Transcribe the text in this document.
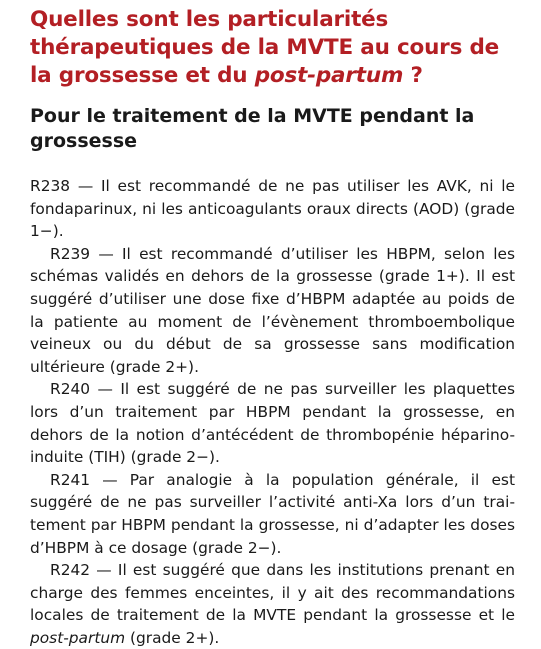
Quelles sont les particularités thérapeutiques de la MVTE au cours de la grossesse et du post-partum ?
Pour le traitement de la MVTE pendant la grossesse

R238 — Il est recommandé de ne pas utiliser les AVK, ni le fondaparinux, ni les anticoagulants oraux directs (AOD) (grade 1−).

R239 — Il est recommandé d’utiliser les HBPM, selon les schémas validés en dehors de la grossesse (grade 1+). Il est suggéré d’utiliser une dose fixe d’HBPM adaptée au poids de la patiente au moment de l’évènement thromboembolique veineux ou du début de sa grossesse sans modification ultérieure (grade 2+).

R240 — Il est suggéré de ne pas surveiller les plaquettes lors d’un traitement par HBPM pendant la grossesse, en dehors de la notion d’antécédent de thrombopénie héparino-induite (TIH) (grade 2−).

R241 — Par analogie à la population générale, il est suggéré de ne pas surveiller l’activité anti-Xa lors d’un traitement par HBPM pendant la grossesse, ni d’adapter les doses d’HBPM à ce dosage (grade 2−).

R242 — Il est suggéré que dans les institutions prenant en charge des femmes enceintes, il y ait des recommandations locales de traitement de la MVTE pendant la grossesse et le post-partum (grade 2+).
